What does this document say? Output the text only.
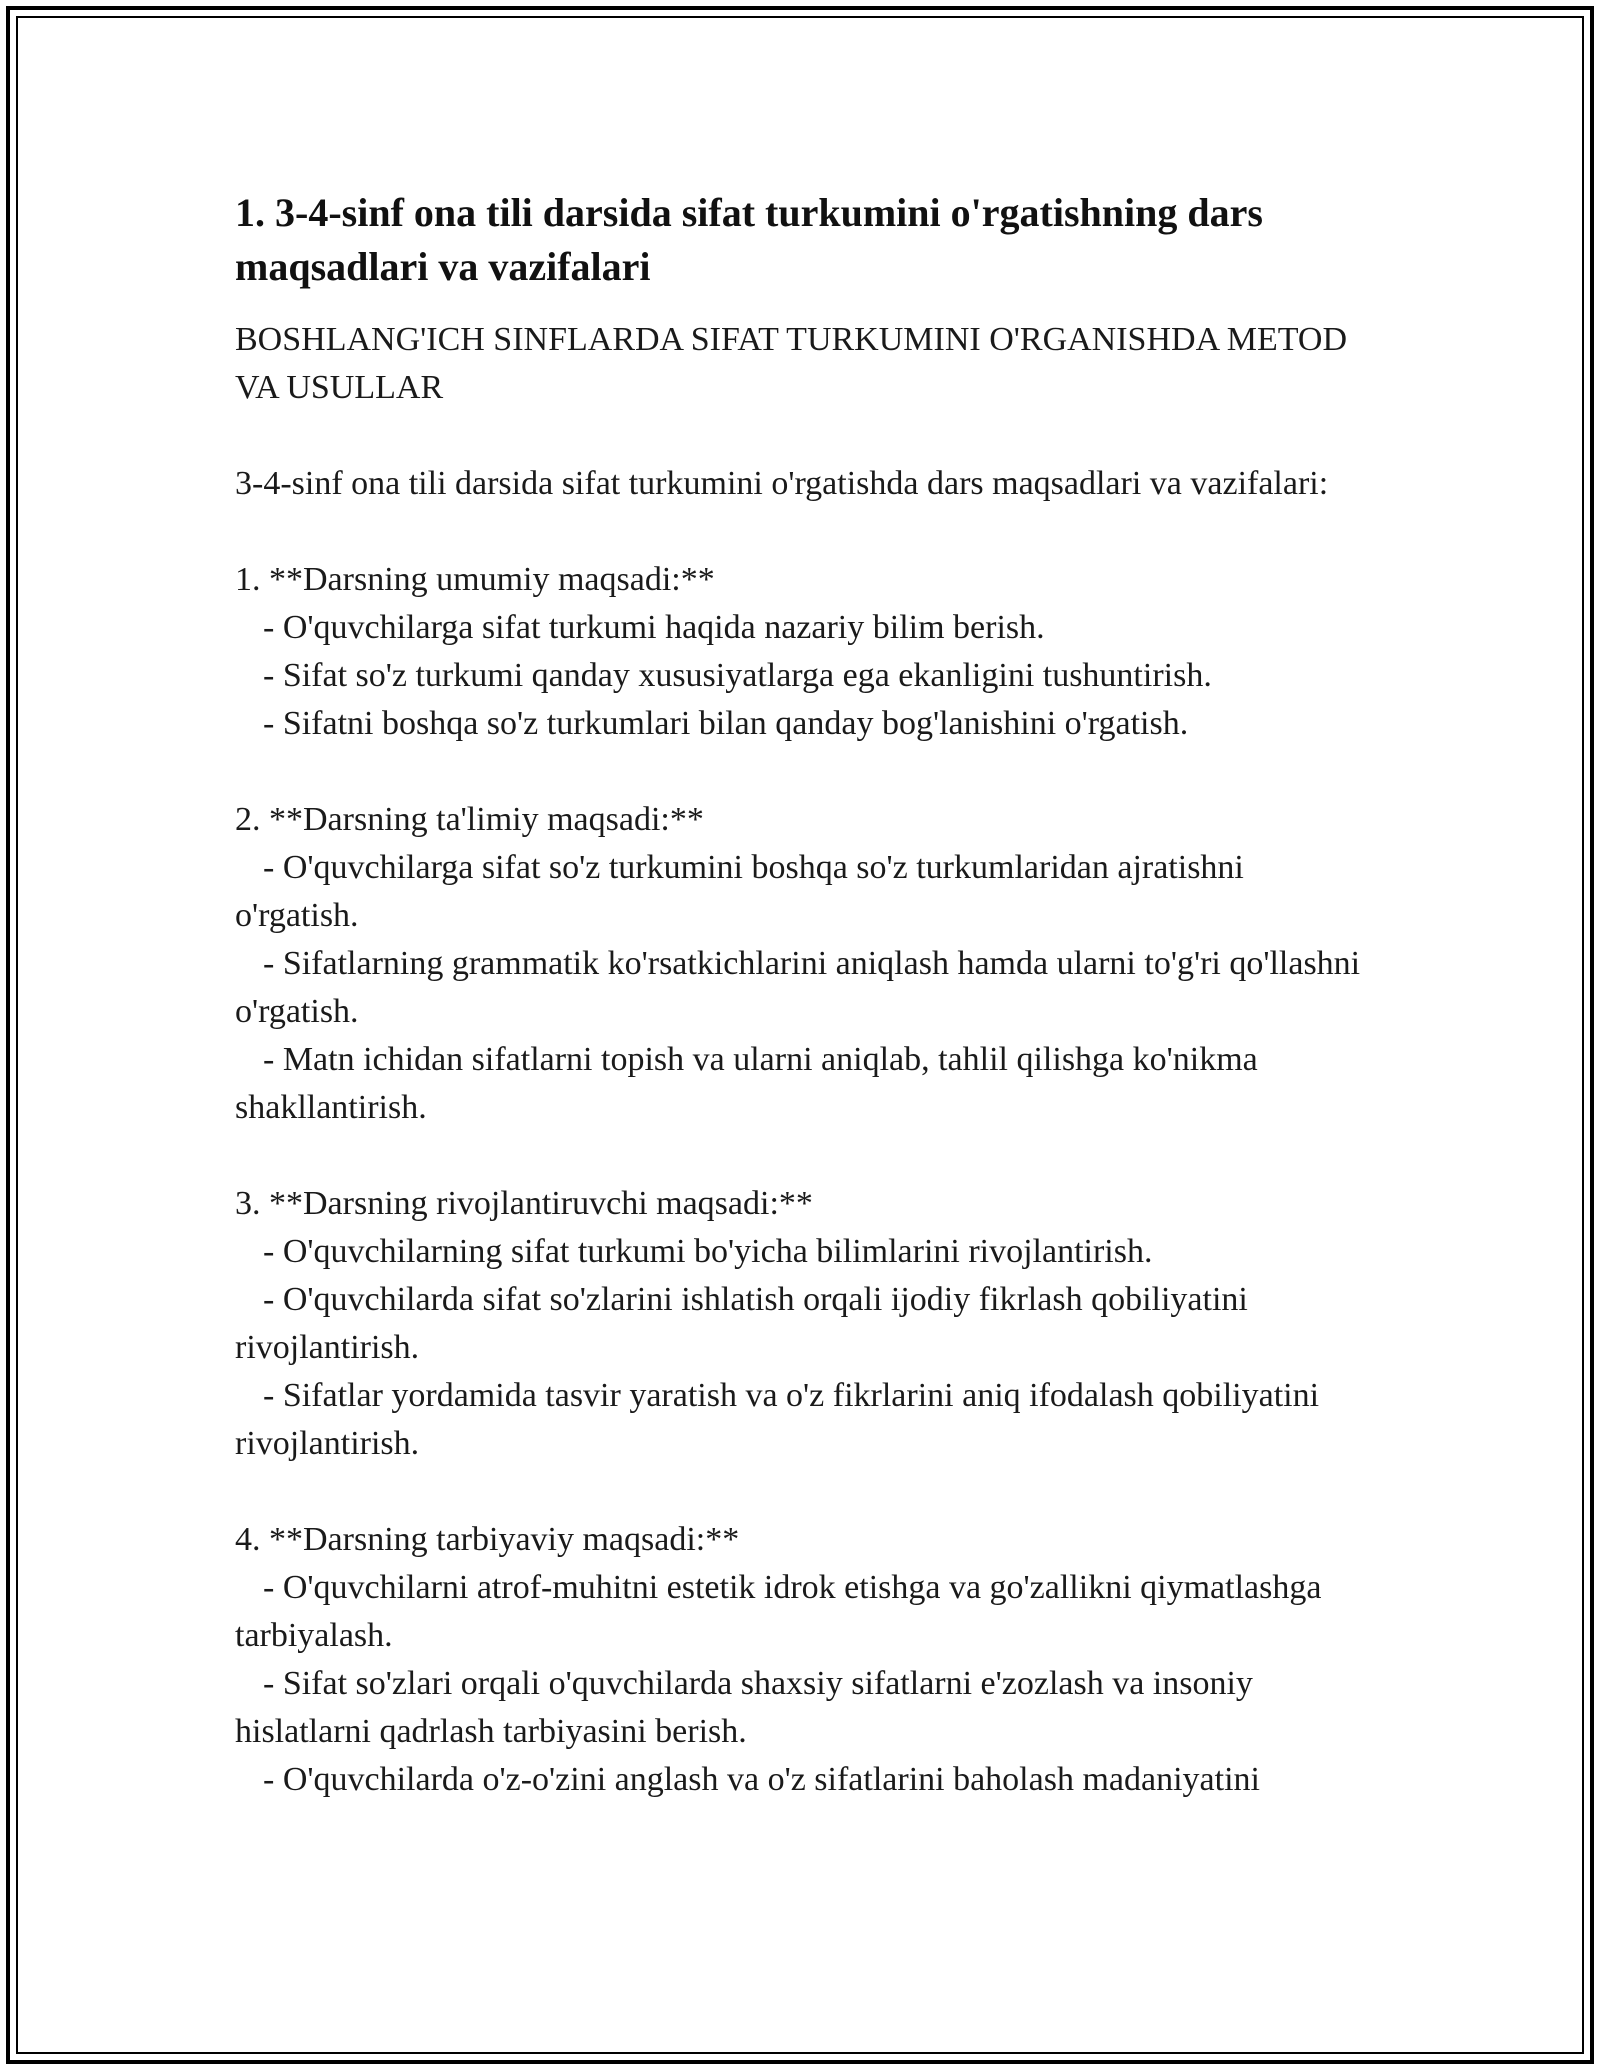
1. 3-4-sinf ona tili darsida sifat turkumini o'rgatishning dars maqsadlari va vazifalari

BOSHLANG'ICH SINFLARDA SIFAT TURKUMINI O'RGANISHDA METOD VA USULLAR

3-4-sinf ona tili darsida sifat turkumini o'rgatishda dars maqsadlari va vazifalari:

1. **Darsning umumiy maqsadi:**

- O'quvchilarga sifat turkumi haqida nazariy bilim berish.

- Sifat so'z turkumi qanday xususiyatlarga ega ekanligini tushuntirish.

- Sifatni boshqa so'z turkumlari bilan qanday bog'lanishini o'rgatish.

2. **Darsning ta'limiy maqsadi:**

- O'quvchilarga sifat so'z turkumini boshqa so'z turkumlaridan ajratishni o'rgatish.

- Sifatlarning grammatik ko'rsatkichlarini aniqlash hamda ularni to'g'ri qo'llashni o'rgatish.

- Matn ichidan sifatlarni topish va ularni aniqlab, tahlil qilishga ko'nikma shakllantirish.

3. **Darsning rivojlantiruvchi maqsadi:**

- O'quvchilarning sifat turkumi bo'yicha bilimlarini rivojlantirish.

- O'quvchilarda sifat so'zlarini ishlatish orqali ijodiy fikrlash qobiliyatini rivojlantirish.

- Sifatlar yordamida tasvir yaratish va o'z fikrlarini aniq ifodalash qobiliyatini rivojlantirish.

4. **Darsning tarbiyaviy maqsadi:**

- O'quvchilarni atrof-muhitni estetik idrok etishga va go'zallikni qiymatlashga tarbiyalash.

- Sifat so'zlari orqali o'quvchilarda shaxsiy sifatlarni e'zozlash va insoniy hislatlarni qadrlash tarbiyasini berish.

- O'quvchilarda o'z-o'zini anglash va o'z sifatlarini baholash madaniyatini
